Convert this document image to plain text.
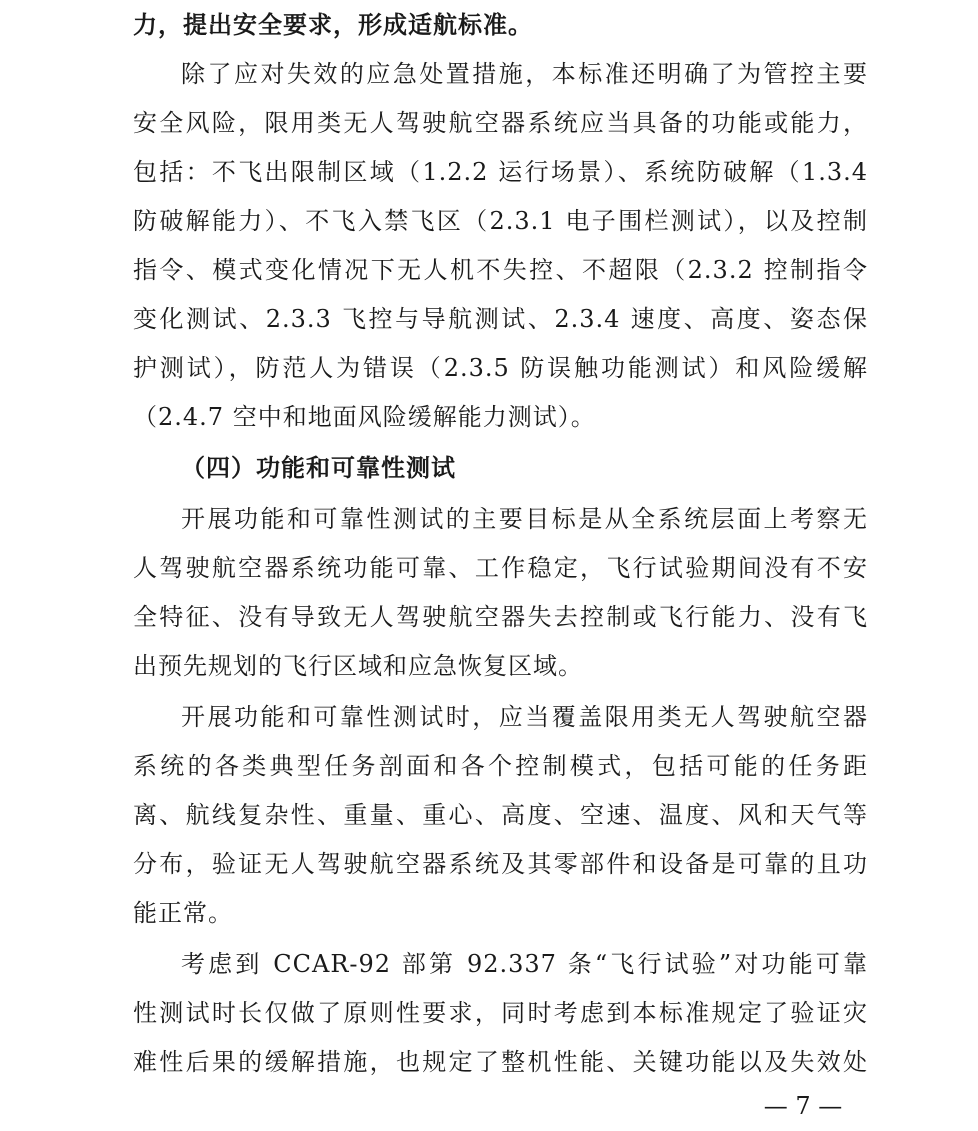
力，提出安全要求，形成适航标准。
除了应对失效的应急处置措施，本标准还明确了为管控主要
安全风险，限用类无人驾驶航空器系统应当具备的功能或能力，
包括：不飞出限制区域（1.2.2 运行场景）、系统防破解（1.3.4
防破解能力）、不飞入禁飞区（2.3.1 电子围栏测试），以及控制
指令、模式变化情况下无人机不失控、不超限（2.3.2 控制指令
变化测试、2.3.3 飞控与导航测试、2.3.4 速度、高度、姿态保
护测试），防范人为错误（2.3.5 防误触功能测试）和风险缓解
（2.4.7 空中和地面风险缓解能力测试）。
（四）功能和可靠性测试
开展功能和可靠性测试的主要目标是从全系统层面上考察无
人驾驶航空器系统功能可靠、工作稳定，飞行试验期间没有不安
全特征、没有导致无人驾驶航空器失去控制或飞行能力、没有飞
出预先规划的飞行区域和应急恢复区域。
开展功能和可靠性测试时，应当覆盖限用类无人驾驶航空器
系统的各类典型任务剖面和各个控制模式，包括可能的任务距
离、航线复杂性、重量、重心、高度、空速、温度、风和天气等
分布，验证无人驾驶航空器系统及其零部件和设备是可靠的且功
能正常。
考虑到 CCAR-92 部第 92.337 条“飞行试验”对功能可靠
性测试时长仅做了原则性要求，同时考虑到本标准规定了验证灾
难性后果的缓解措施，也规定了整机性能、关键功能以及失效处
— 7 —
